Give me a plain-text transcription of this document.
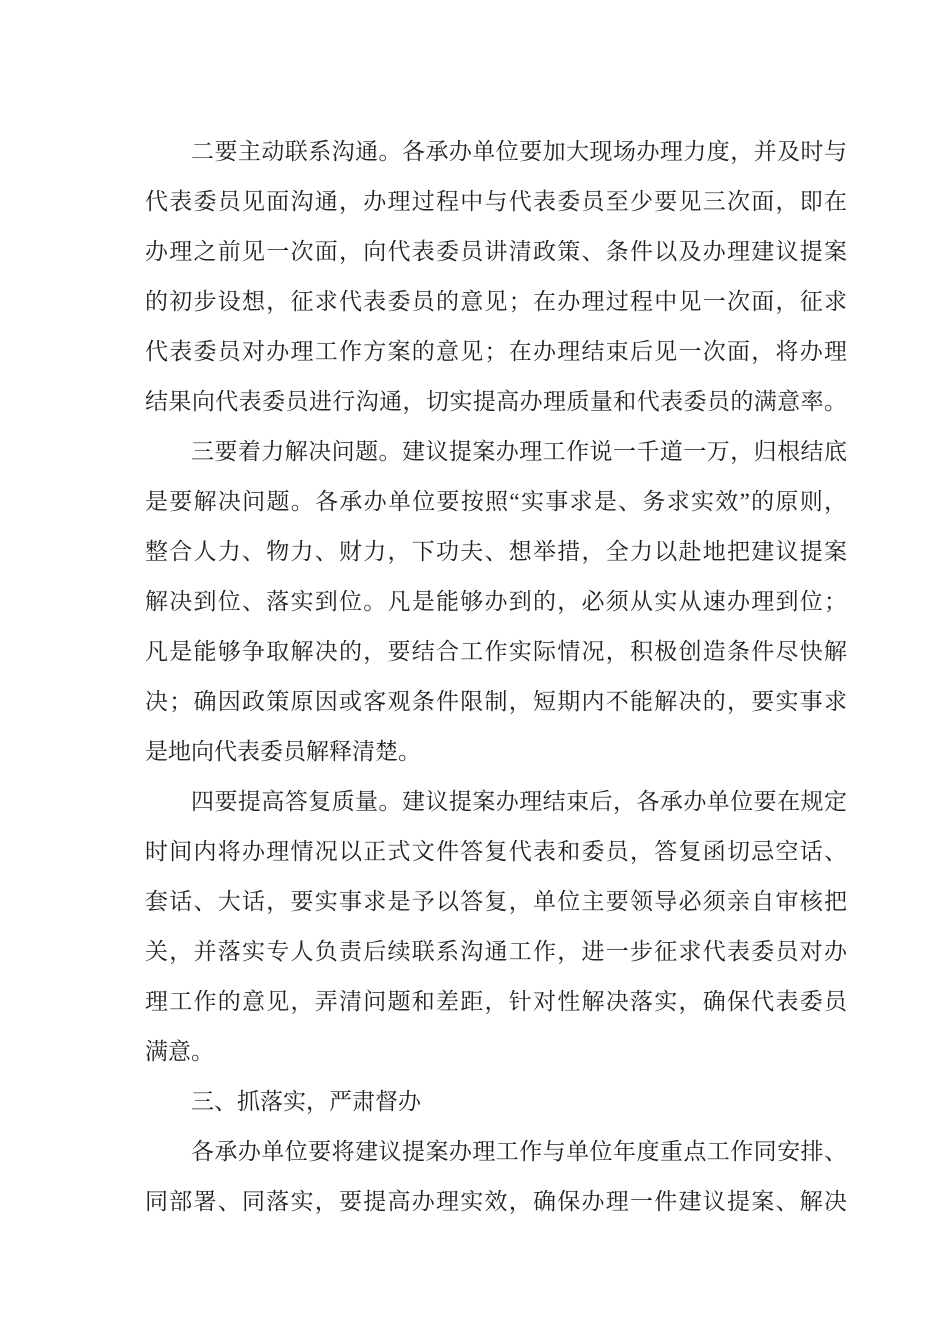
二要主动联系沟通。各承办单位要加大现场办理力度，并及时与
代表委员见面沟通，办理过程中与代表委员至少要见三次面，即在
办理之前见一次面，向代表委员讲清政策、条件以及办理建议提案
的初步设想，征求代表委员的意见；在办理过程中见一次面，征求
代表委员对办理工作方案的意见；在办理结束后见一次面，将办理
结果向代表委员进行沟通，切实提高办理质量和代表委员的满意率。
三要着力解决问题。建议提案办理工作说一千道一万，归根结底
是要解决问题。各承办单位要按照“实事求是、务求实效”的原则，
整合人力、物力、财力，下功夫、想举措，全力以赴地把建议提案
解决到位、落实到位。凡是能够办到的，必须从实从速办理到位；
凡是能够争取解决的，要结合工作实际情况，积极创造条件尽快解
决；确因政策原因或客观条件限制，短期内不能解决的，要实事求
是地向代表委员解释清楚。
四要提高答复质量。建议提案办理结束后，各承办单位要在规定
时间内将办理情况以正式文件答复代表和委员，答复函切忌空话、
套话、大话，要实事求是予以答复，单位主要领导必须亲自审核把
关，并落实专人负责后续联系沟通工作，进一步征求代表委员对办
理工作的意见，弄清问题和差距，针对性解决落实，确保代表委员
满意。
三、抓落实，严肃督办
各承办单位要将建议提案办理工作与单位年度重点工作同安排、
同部署、同落实，要提高办理实效，确保办理一件建议提案、解决
